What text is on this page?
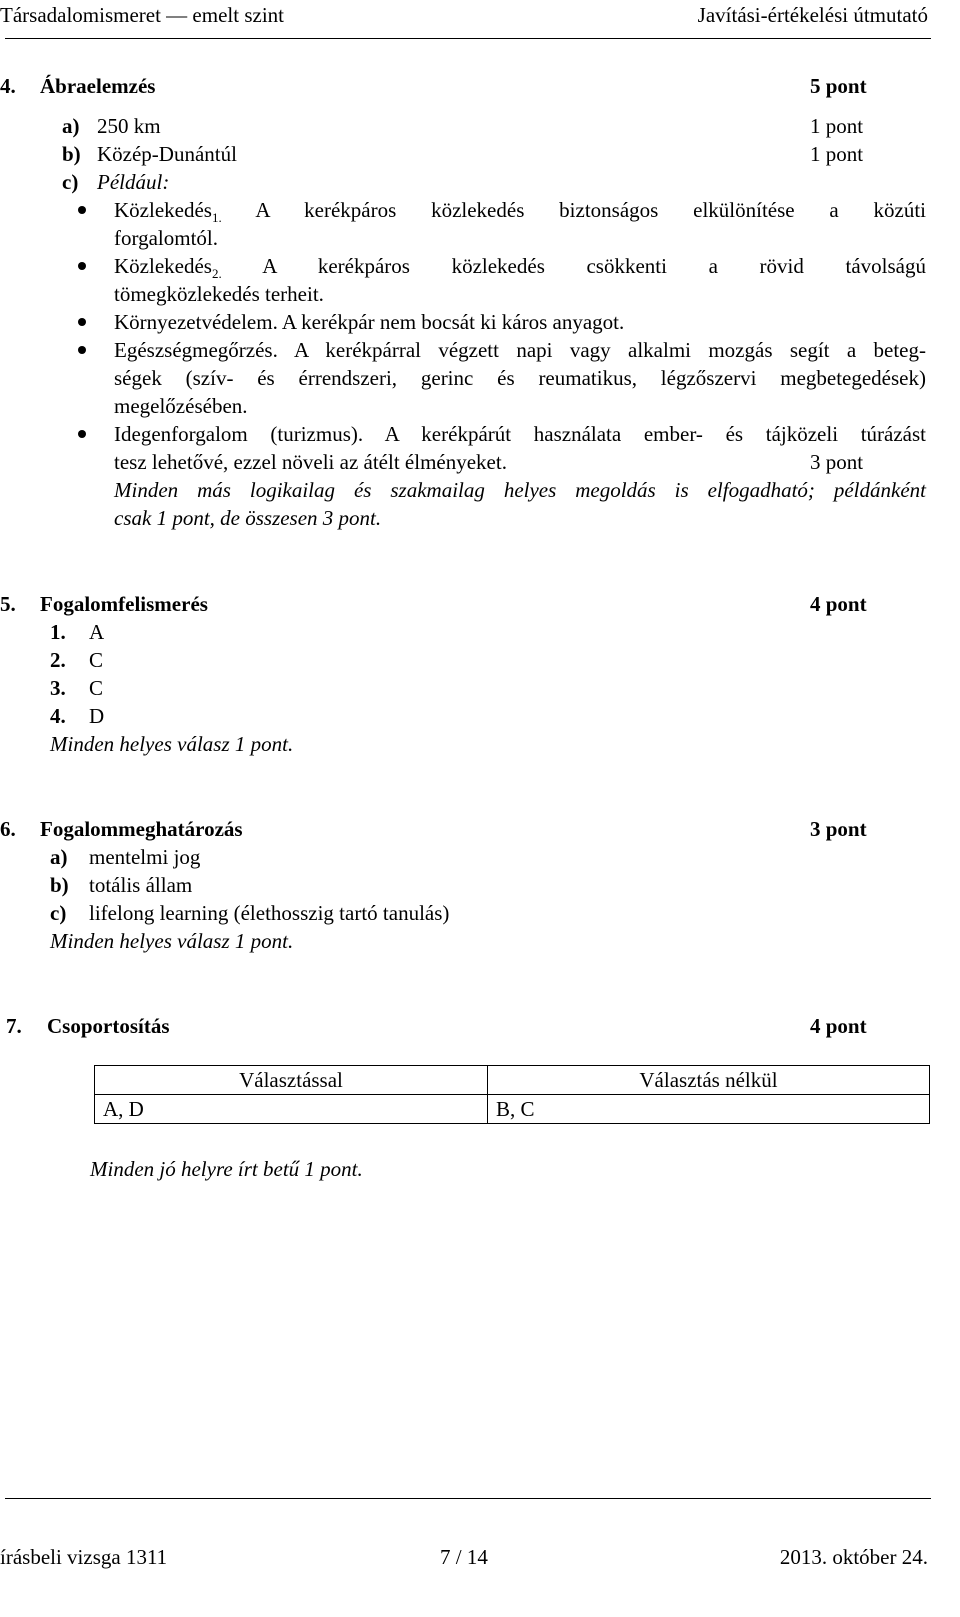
Társadalomismeret — emelt szint	Javítási-értékelési útmutató
4. Ábraelemzés	5 pont
a) 250 km	1 pont
b) Közép-Dunántúl	1 pont
c) Például:
Közlekedés$_{1.}$ A kerékpáros közlekedés biztonságos elkülönítése a közúti
forgalomtól.
Közlekedés$_{2.}$ A kerékpáros közlekedés csökkenti a rövid távolságú
tömegközlekedés terheit.
Környezetvédelem. A kerékpár nem bocsát ki káros anyagot.
Egészségmegőrzés. A kerékpárral végzett napi vagy alkalmi mozgás segít a beteg-
ségek (szív- és érrendszeri, gerinc és reumatikus, légzőszervi megbetegedések)
megelőzésében.
Idegenforgalom (turizmus). A kerékpárút használata ember- és tájközeli túrázást
tesz lehetővé, ezzel növeli az átélt élményeket.	3 pont
Minden más logikailag és szakmailag helyes megoldás is elfogadható; példánként
csak 1 pont, de összesen 3 pont.
5. Fogalomfelismerés	4 pont
1. A
2. C
3. C
4. D
Minden helyes válasz 1 pont.
6. Fogalommeghatározás	3 pont
a) mentelmi jog
b) totális állam
c) lifelong learning (élethosszig tartó tanulás)
Minden helyes válasz 1 pont.
7. Csoportosítás	4 pont
Választással	Választás nélkül
A, D	B, C
Minden jó helyre írt betű 1 pont.
írásbeli vizsga 1311	7 / 14	2013. október 24.
